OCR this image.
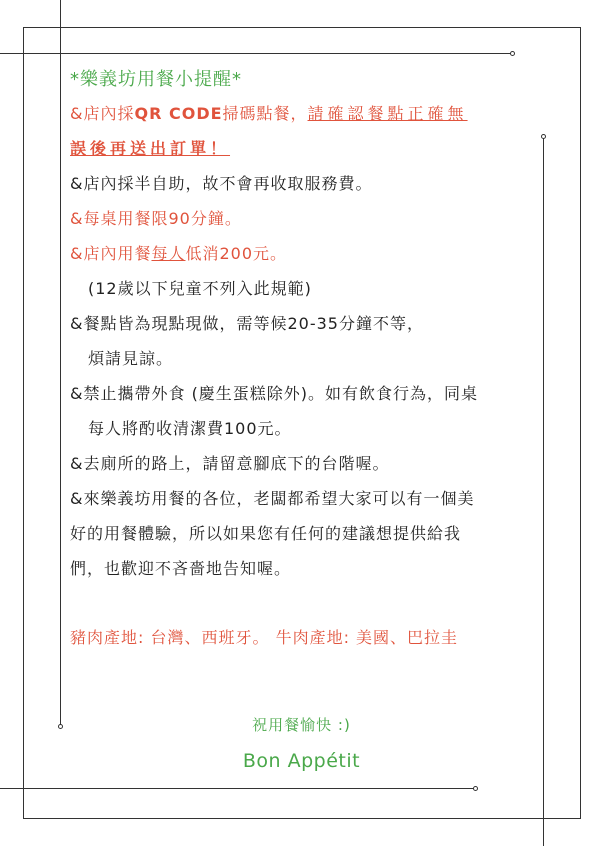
*樂義坊用餐小提醒*
&店內採QR CODE掃碼點餐，請確認餐點正確無
誤後再送出訂單！
&店內採半自助，故不會再收取服務費。
&每桌用餐限90分鐘。
&店內用餐每人低消200元。
(12歲以下兒童不列入此規範)
&餐點皆為現點現做，需等候20-35分鐘不等，
煩請見諒。
&禁止攜帶外食 (慶生蛋糕除外)。如有飲食行為，同桌
每人將酌收清潔費100元。
&去廁所的路上，請留意腳底下的台階喔。
&來樂義坊用餐的各位，老闆都希望大家可以有一個美
好的用餐體驗，所以如果您有任何的建議想提供給我
們，也歡迎不吝嗇地告知喔。
豬肉產地: 台灣、西班牙。 牛肉產地: 美國、巴拉圭
祝用餐愉快 :)
Bon Appétit
